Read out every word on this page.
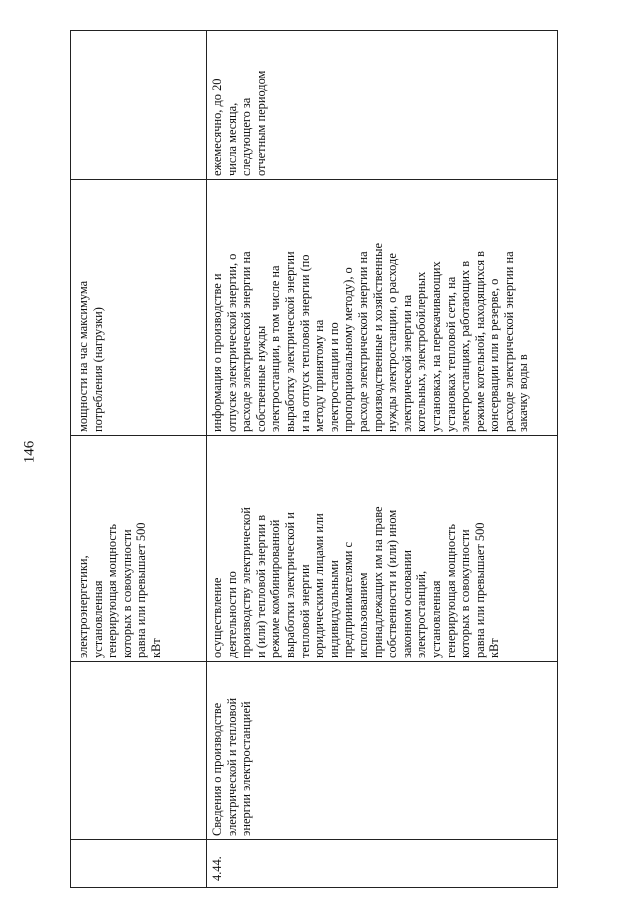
146
электроэнергетики,
установленная
генерирующая мощность
которых в совокупности
равна или превышает 500
кВт
мощности на час максимума
потребления (нагрузки)
4.44.
Сведения о производстве
электрической и тепловой
энергии электростанцией
осуществление
деятельности по
производству электрической
и (или) тепловой энергии в
режиме комбинированной
выработки электрической и
тепловой энергии
юридическими лицами или
индивидуальными
предпринимателями с
использованием
принадлежащих им на праве
собственности и (или) ином
законном основании
электростанций,
установленная
генерирующая мощность
которых в совокупности
равна или превышает 500
кВт
информация о производстве и
отпуске электрической энергии, о
расходе электрической энергии на
собственные нужды
электростанции, в том числе на
выработку электрической энергии
и на отпуск тепловой энергии (по
методу принятому на
электростанции и по
пропорциональному методу), о
расходе электрической энергии на
производственные и хозяйственные
нужды электростанции, о расходе
электрической энергии на
котельных, электробойлерных
установках, на перекачивающих
установках тепловой сети, на
электростанциях, работающих в
режиме котельной, находящихся в
консервации или в резерве, о
расходе электрической энергии на
закачку воды в
ежемесячно, до 20
числа месяца,
следующего за
отчетным периодом
